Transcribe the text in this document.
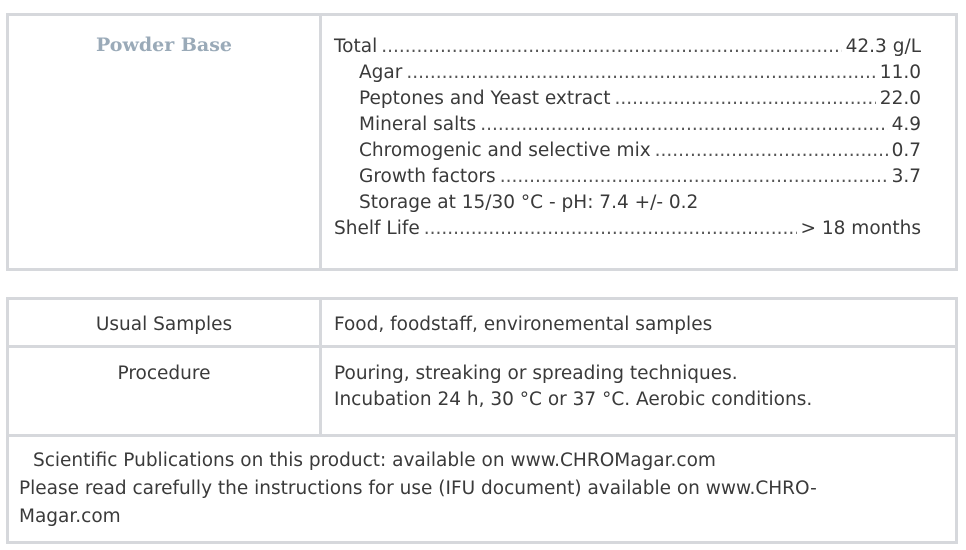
Powder Base	Total .....	42.3 g/L
Agar .....	11.0
Peptones and Yeast extract .....	22.0
Mineral salts .....	4.9
Chromogenic and selective mix .....	0.7
Growth factors .....	3.7
Storage at 15/30 °C - pH: 7.4 +/- 0.2
Shelf Life .....	> 18 months
Usual Samples	Food, foodstaff, environemental samples
Procedure	Pouring, streaking or spreading techniques.
Incubation 24 h, 30 °C or 37 °C. Aerobic conditions.
Scientific Publications on this product: available on www.CHROMagar.com
Please read carefully the instructions for use (IFU document) available on www.CHRO-
Magar.com
